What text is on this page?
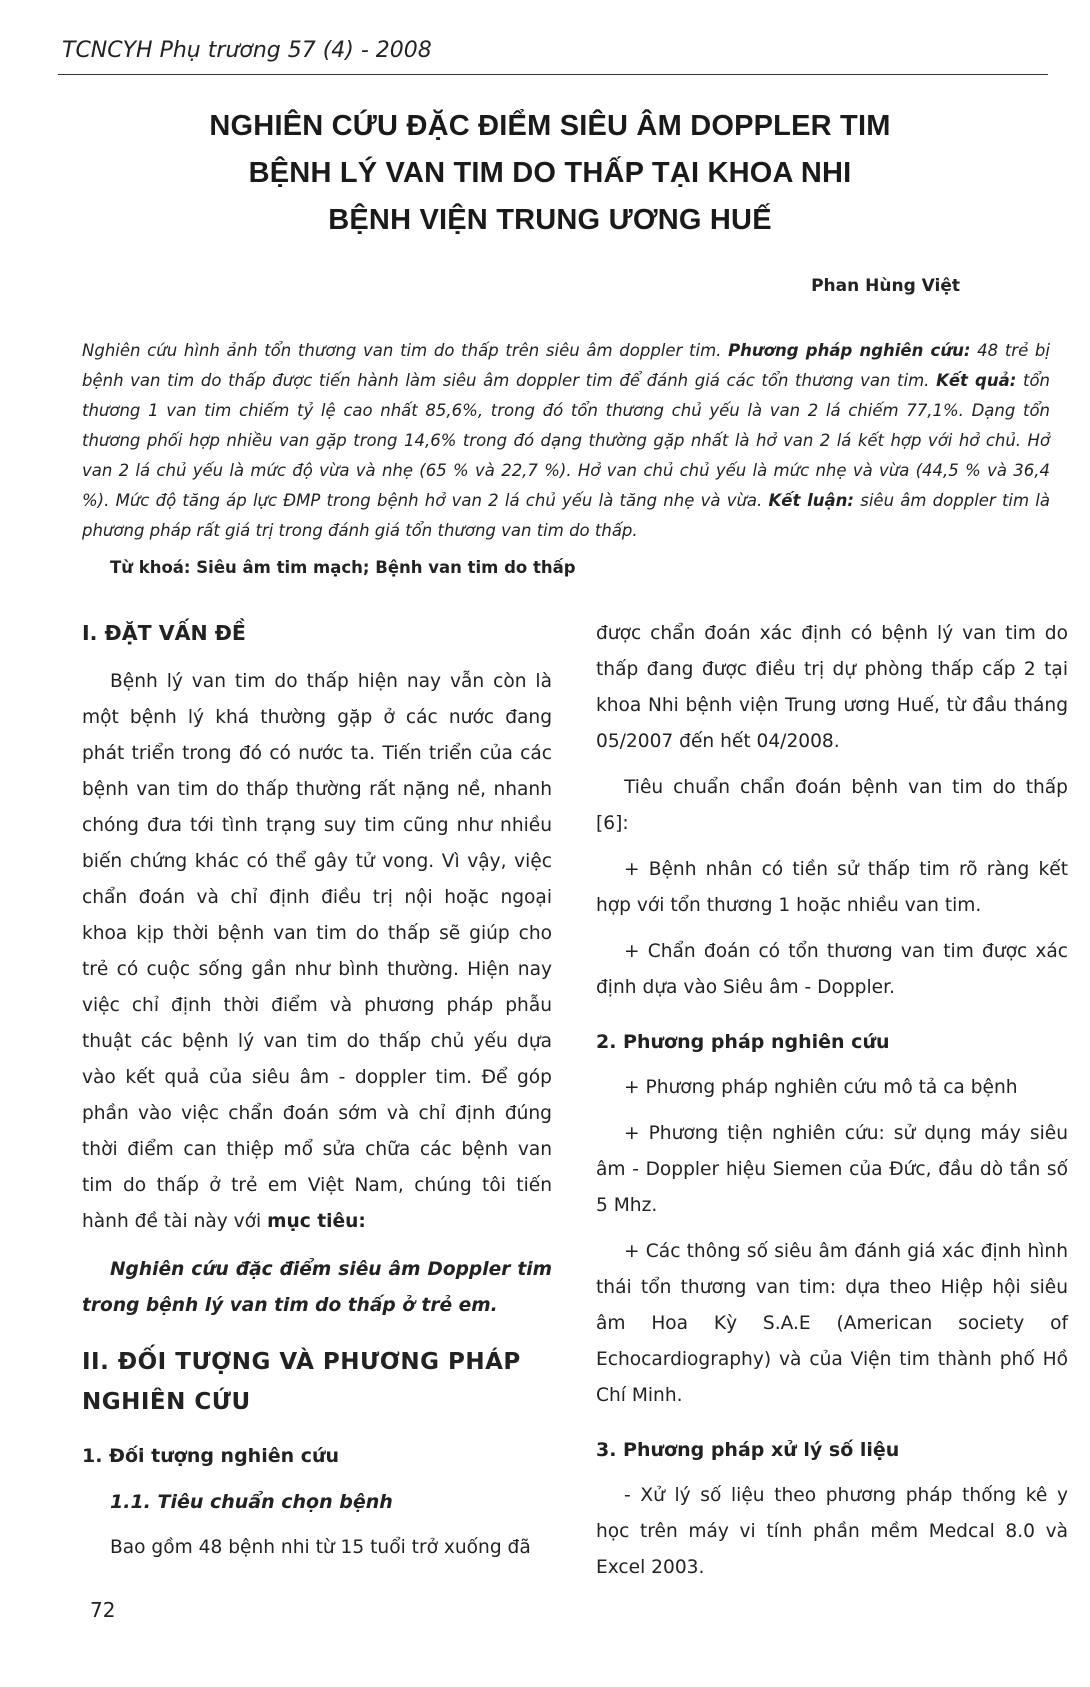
TCNCYH Phụ trương 57 (4) - 2008
NGHIÊN CỨU ĐẶC ĐIỂM SIÊU ÂM DOPPLER TIM
BỆNH LÝ VAN TIM DO THẤP TẠI KHOA NHI
BỆNH VIỆN TRUNG ƯƠNG HUẾ
Phan Hùng Việt
Nghiên cứu hình ảnh tổn thương van tim do thấp trên siêu âm doppler tim. Phương pháp nghiên cứu: 48 trẻ bị bệnh van tim do thấp được tiến hành làm siêu âm doppler tim để đánh giá các tổn thương van tim. Kết quả: tổn thương 1 van tim chiếm tỷ lệ cao nhất 85,6%, trong đó tổn thương chủ yếu là van 2 lá chiếm 77,1%. Dạng tổn thương phối hợp nhiều van gặp trong 14,6% trong đó dạng thường gặp nhất là hở van 2 lá kết hợp với hở chủ. Hở van 2 lá chủ yếu là mức độ vừa và nhẹ (65 % và 22,7 %). Hở van chủ chủ yếu là mức nhẹ và vừa (44,5 % và 36,4 %). Mức độ tăng áp lực ĐMP trong bệnh hở van 2 lá chủ yếu là tăng nhẹ và vừa. Kết luận: siêu âm doppler tim là phương pháp rất giá trị trong đánh giá tổn thương van tim do thấp.
Từ khoá: Siêu âm tim mạch; Bệnh van tim do thấp
I. ĐẶT VẤN ĐỀ

Bệnh lý van tim do thấp hiện nay vẫn còn là một bệnh lý khá thường gặp ở các nước đang phát triển trong đó có nước ta. Tiến triển của các bệnh van tim do thấp thường rất nặng nề, nhanh chóng đưa tới tình trạng suy tim cũng như nhiều biến chứng khác có thể gây tử vong. Vì vậy, việc chẩn đoán và chỉ định điều trị nội hoặc ngoại khoa kịp thời bệnh van tim do thấp sẽ giúp cho trẻ có cuộc sống gần như bình thường. Hiện nay việc chỉ định thời điểm và phương pháp phẫu thuật các bệnh lý van tim do thấp chủ yếu dựa vào kết quả của siêu âm - doppler tim. Để góp phần vào việc chẩn đoán sớm và chỉ định đúng thời điểm can thiệp mổ sửa chữa các bệnh van tim do thấp ở trẻ em Việt Nam, chúng tôi tiến hành đề tài này với mục tiêu:

Nghiên cứu đặc điểm siêu âm Doppler tim trong bệnh lý van tim do thấp ở trẻ em.

II. ĐỐI TƯỢNG VÀ PHƯƠNG PHÁP NGHIÊN CỨU
1. Đối tượng nghiên cứu
1.1. Tiêu chuẩn chọn bệnh

Bao gồm 48 bệnh nhi từ 15 tuổi trở xuống đã

được chẩn đoán xác định có bệnh lý van tim do thấp đang được điều trị dự phòng thấp cấp 2 tại khoa Nhi bệnh viện Trung ương Huế, từ đầu tháng 05/2007 đến hết 04/2008.

Tiêu chuẩn chẩn đoán bệnh van tim do thấp [6]:

+ Bệnh nhân có tiền sử thấp tim rõ ràng kết hợp với tổn thương 1 hoặc nhiều van tim.

+ Chẩn đoán có tổn thương van tim được xác định dựa vào Siêu âm - Doppler.

2. Phương pháp nghiên cứu

+ Phương pháp nghiên cứu mô tả ca bệnh

+ Phương tiện nghiên cứu: sử dụng máy siêu âm - Doppler hiệu Siemen của Đức, đầu dò tần số 5 Mhz.

+ Các thông số siêu âm đánh giá xác định hình thái tổn thương van tim: dựa theo Hiệp hội siêu âm Hoa Kỳ S.A.E (American society of Echocardiography) và của Viện tim thành phố Hồ Chí Minh.

3. Phương pháp xử lý số liệu

- Xử lý số liệu theo phương pháp thống kê y học trên máy vi tính phần mềm Medcal 8.0 và Excel 2003.

72
